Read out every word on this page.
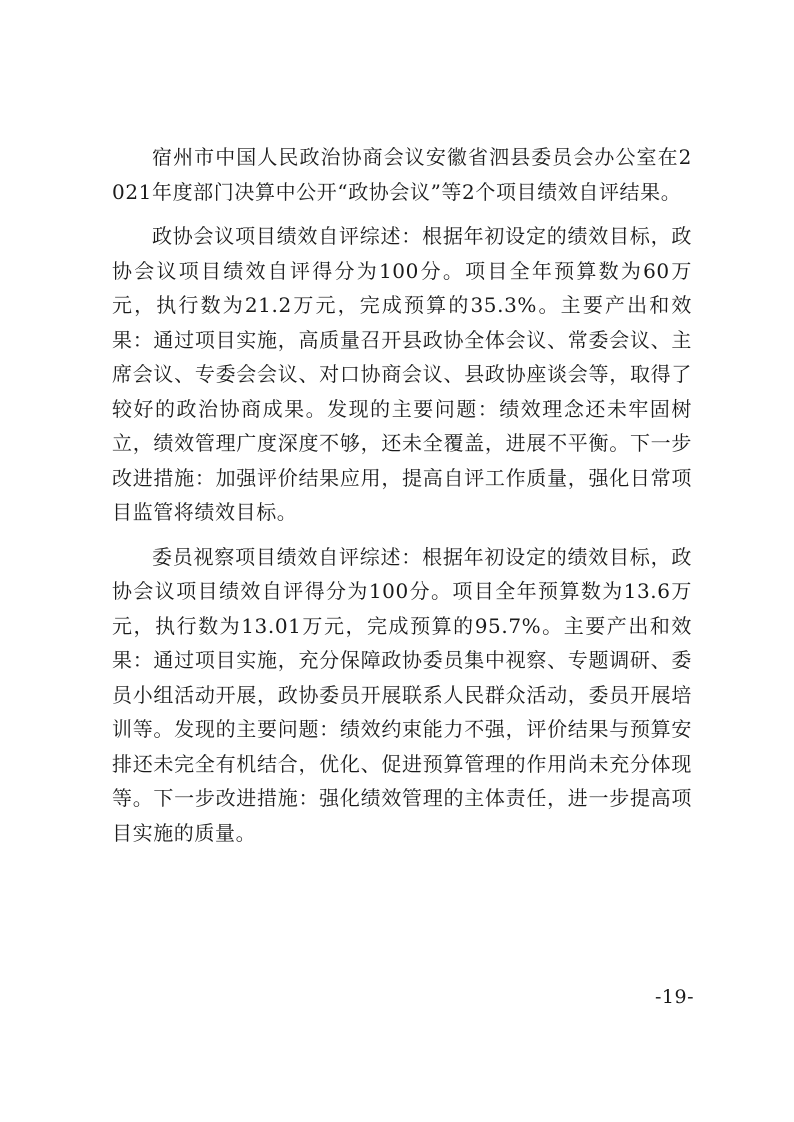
宿州市中国人民政治协商会议安徽省泗县委员会办公室在2021年度部门决算中公开“政协会议”等2个项目绩效自评结果。

政协会议项目绩效自评综述：根据年初设定的绩效目标，政协会议项目绩效自评得分为100分。项目全年预算数为60万元，执行数为21.2万元，完成预算的35.3%。主要产出和效果：通过项目实施，高质量召开县政协全体会议、常委会议、主席会议、专委会会议、对口协商会议、县政协座谈会等，取得了较好的政治协商成果。发现的主要问题：绩效理念还未牢固树立，绩效管理广度深度不够，还未全覆盖，进展不平衡。下一步改进措施：加强评价结果应用，提高自评工作质量，强化日常项目监管将绩效目标。

委员视察项目绩效自评综述：根据年初设定的绩效目标，政协会议项目绩效自评得分为100分。项目全年预算数为13.6万元，执行数为13.01万元，完成预算的95.7%。主要产出和效果：通过项目实施，充分保障政协委员集中视察、专题调研、委员小组活动开展，政协委员开展联系人民群众活动，委员开展培训等。发现的主要问题：绩效约束能力不强，评价结果与预算安排还未完全有机结合，优化、促进预算管理的作用尚未充分体现等。下一步改进措施：强化绩效管理的主体责任，进一步提高项目实施的质量。

-19-
